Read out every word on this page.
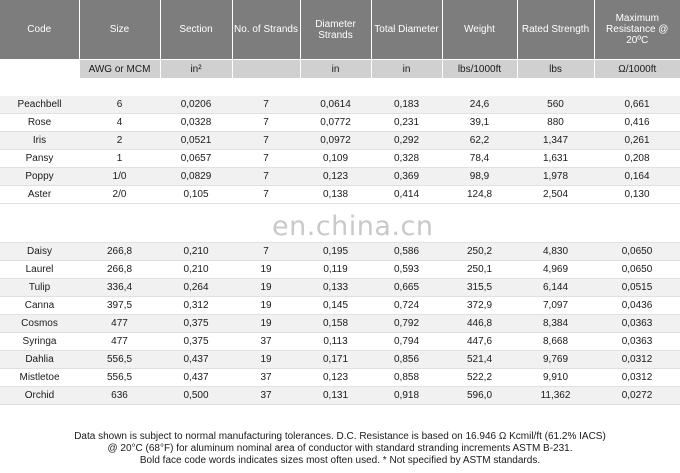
Code	Size	Section	No. of Strands	Diameter Strands	Total Diameter	Weight	Rated Strength	Maximum Resistance @ 20ºC
	AWG or MCM	in²		in	in	lbs/1000ft	lbs	Ω/1000ft

Peachbell	6	0,0206	7	0,0614	0,183	24,6	560	0,661
Rose	4	0,0328	7	0,0772	0,231	39,1	880	0,416
Iris	2	0,0521	7	0,0972	0,292	62,2	1,347	0,261
Pansy	1	0,0657	7	0,109	0,328	78,4	1,631	0,208
Poppy	1/0	0,0829	7	0,123	0,369	98,9	1,978	0,164
Aster	2/0	0,105	7	0,138	0,414	124,8	2,504	0,130

Daisy	266,8	0,210	7	0,195	0,586	250,2	4,830	0,0650
Laurel	266,8	0,210	19	0,119	0,593	250,1	4,969	0,0650
Tulip	336,4	0,264	19	0,133	0,665	315,5	6,144	0,0515
Canna	397,5	0,312	19	0,145	0,724	372,9	7,097	0,0436
Cosmos	477	0,375	19	0,158	0,792	446,8	8,384	0,0363
Syringa	477	0,375	37	0,113	0,794	447,6	8,668	0,0363
Dahlia	556,5	0,437	19	0,171	0,856	521,4	9,769	0,0312
Mistletoe	556,5	0,437	37	0,123	0,858	522,2	9,910	0,0312
Orchid	636	0,500	37	0,131	0,918	596,0	11,362	0,0272
en.china.cn
Data shown is subject to normal manufacturing tolerances. D.C. Resistance is based on 16.946 Ω Kcmil/ft (61.2% IACS)
@ 20°C (68°F) for aluminum nominal area of conductor with standard stranding increments ASTM B-231.
Bold face code words indicates sizes most often used. * Not specified by ASTM standards.
